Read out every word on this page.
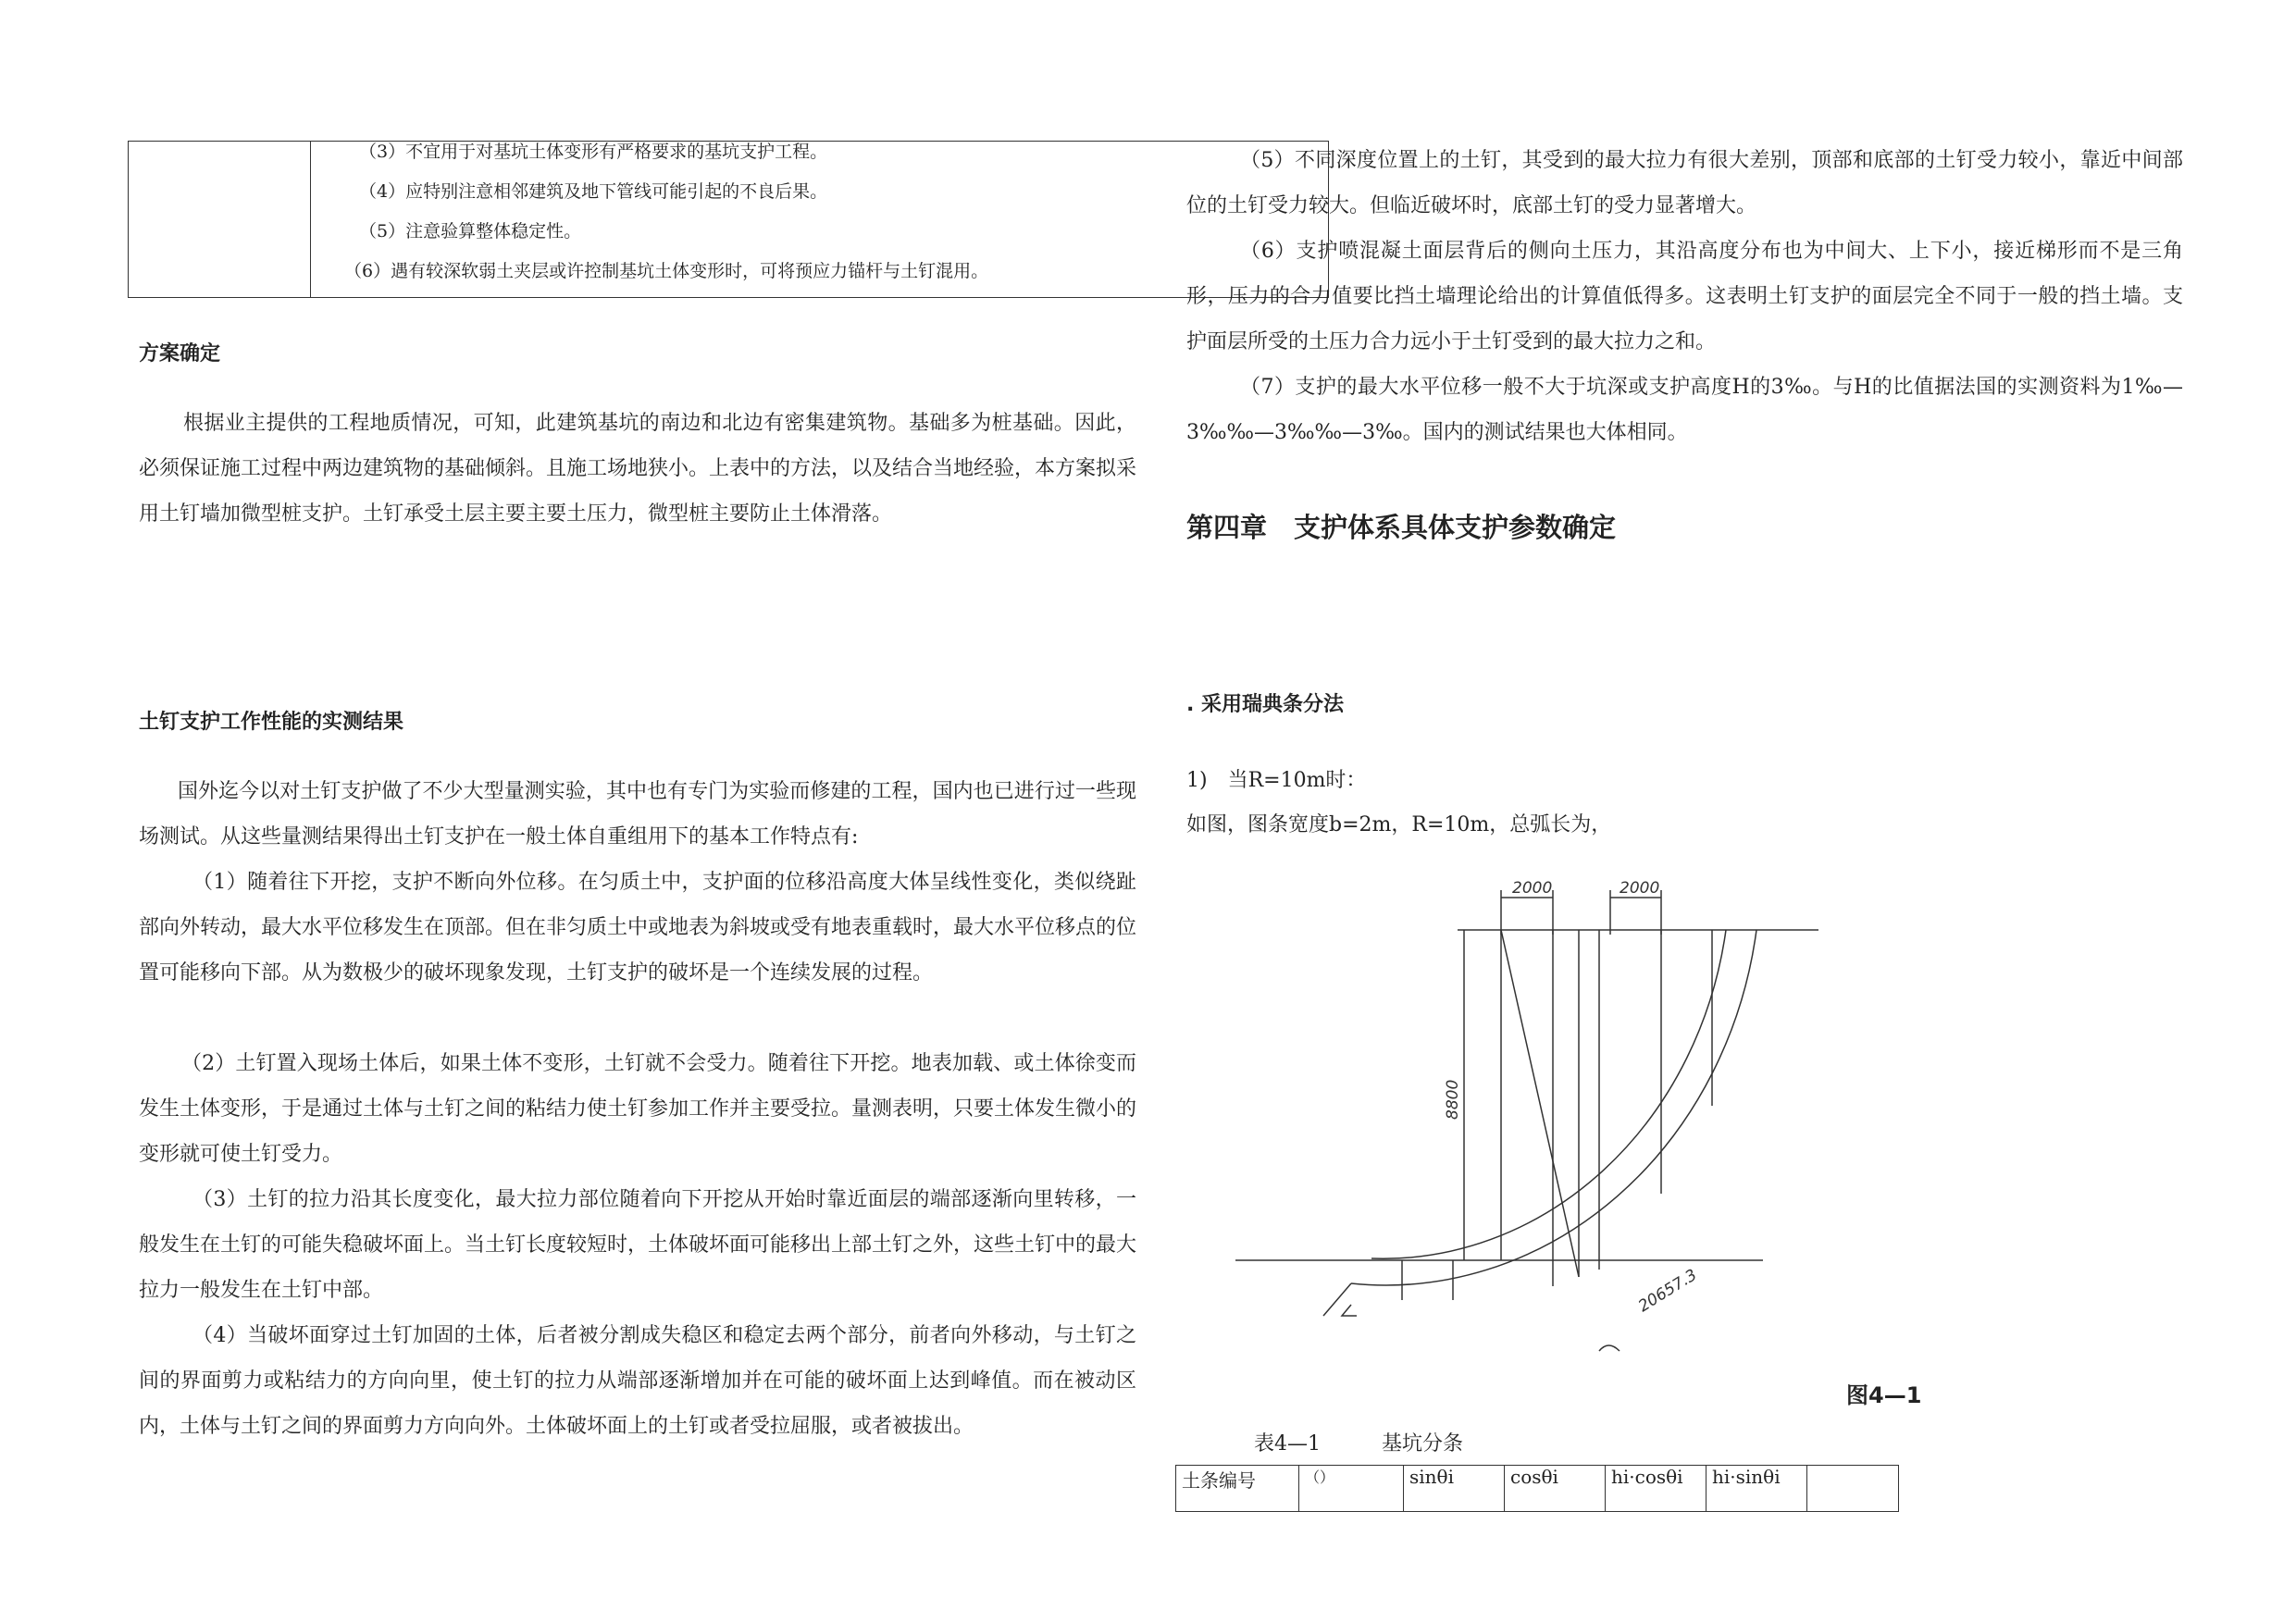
（3）不宜用于对基坑土体变形有严格要求的基坑支护工程。
（4）应特别注意相邻建筑及地下管线可能引起的不良后果。
（5）注意验算整体稳定性。
（6）遇有较深软弱土夹层或许控制基坑土体变形时，可将预应力锚杆与土钉混用。
方案确定
根据业主提供的工程地质情况，可知，此建筑基坑的南边和北边有密集建筑物。基础多为桩基础。因此，必须保证施工过程中两边建筑物的基础倾斜。且施工场地狭小。上表中的方法，以及结合当地经验，本方案拟采用土钉墙加微型桩支护。土钉承受土层主要主要土压力，微型桩主要防止土体滑落。
土钉支护工作性能的实测结果
国外迄今以对土钉支护做了不少大型量测实验，其中也有专门为实验而修建的工程，国内也已进行过一些现场测试。从这些量测结果得出土钉支护在一般土体自重组用下的基本工作特点有:
（1）随着往下开挖，支护不断向外位移。在匀质土中，支护面的位移沿高度大体呈线性变化，类似绕趾部向外转动，最大水平位移发生在顶部。但在非匀质土中或地表为斜坡或受有地表重载时，最大水平位移点的位置可能移向下部。从为数极少的破坏现象发现，土钉支护的破坏是一个连续发展的过程。
（2）土钉置入现场土体后，如果土体不变形，土钉就不会受力。随着往下开挖。地表加载、或土体徐变而发生土体变形，于是通过土体与土钉之间的粘结力使土钉参加工作并主要受拉。量测表明，只要土体发生微小的变形就可使土钉受力。
（3）土钉的拉力沿其长度变化，最大拉力部位随着向下开挖从开始时靠近面层的端部逐渐向里转移，一般发生在土钉的可能失稳破坏面上。当土钉长度较短时，土体破坏面可能移出上部土钉之外，这些土钉中的最大拉力一般发生在土钉中部。
（4）当破坏面穿过土钉加固的土体，后者被分割成失稳区和稳定去两个部分，前者向外移动，与土钉之间的界面剪力或粘结力的方向向里，使土钉的拉力从端部逐渐增加并在可能的破坏面上达到峰值。而在被动区内，土体与土钉之间的界面剪力方向向外。土体破坏面上的土钉或者受拉屈服，或者被拔出。
（5）不同深度位置上的土钉，其受到的最大拉力有很大差别，顶部和底部的土钉受力较小，靠近中间部位的土钉受力较大。但临近破坏时，底部土钉的受力显著增大。
（6）支护喷混凝土面层背后的侧向土压力，其沿高度分布也为中间大、上下小，接近梯形而不是三角形，压力的合力值要比挡土墙理论给出的计算值低得多。这表明土钉支护的面层完全不同于一般的挡土墙。支护面层所受的土压力合力远小于土钉受到的最大拉力之和。
（7）支护的最大水平位移一般不大于坑深或支护高度H的3‰。与H的比值据法国的实测资料为1‰—3‰‰—3‰‰—3‰。国内的测试结果也大体相同。
第四章　支护体系具体支护参数确定
. 采用瑞典条分法
1)　当R=10m时：
如图，图条宽度b=2m，R=10m，总弧长为，
2000	2000
8800
20657.3
图4—1
表4—1　　　基坑分条
土条编号	（）	sinθi	cosθi	hi·cosθi	hi·sinθi	
